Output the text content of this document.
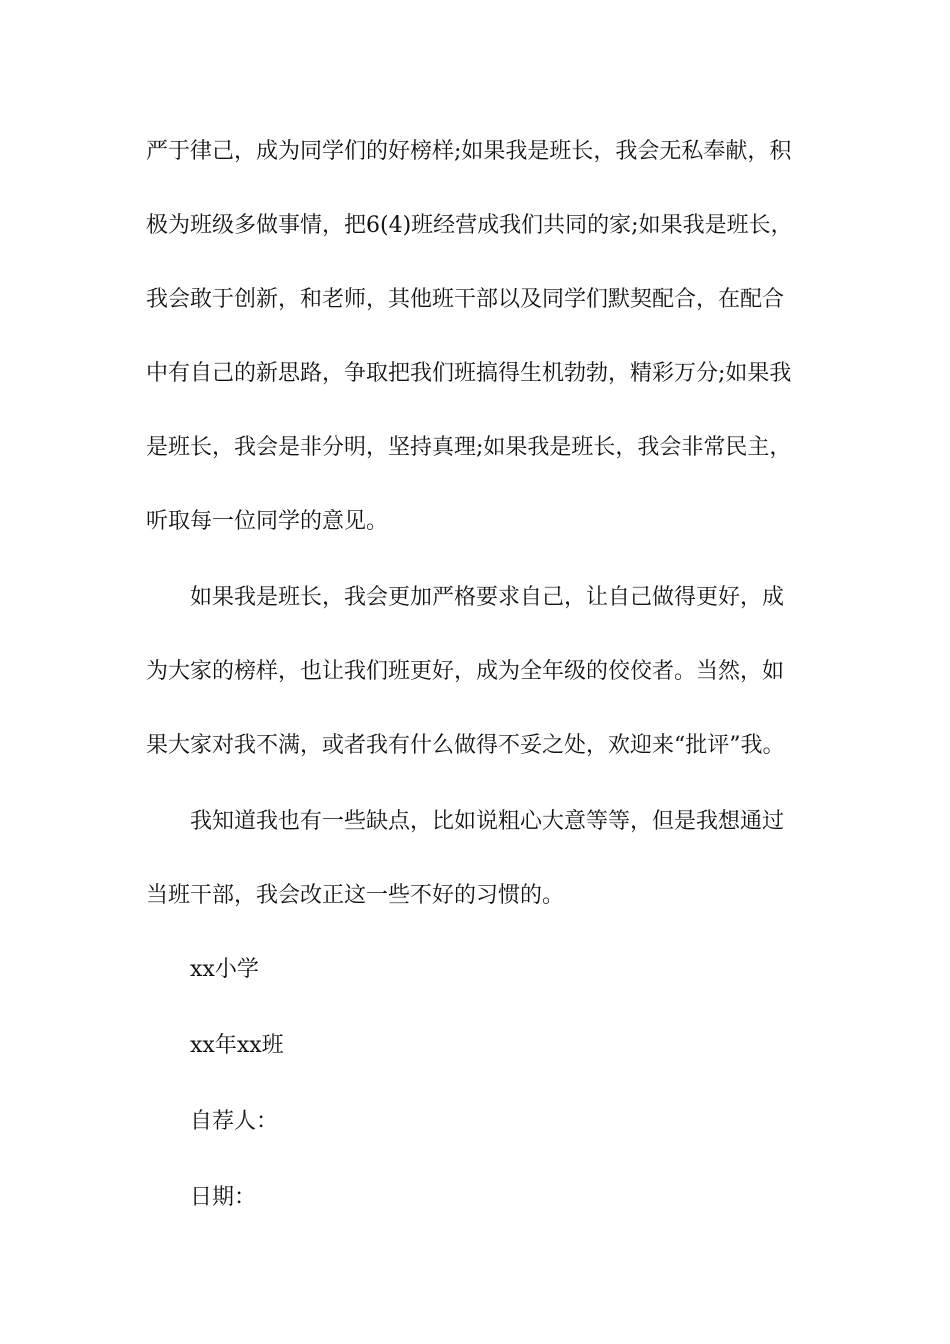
严于律己，成为同学们的好榜样;如果我是班长，我会无私奉献，积

极为班级多做事情，把6(4)班经营成我们共同的家;如果我是班长，

我会敢于创新，和老师，其他班干部以及同学们默契配合，在配合

中有自己的新思路，争取把我们班搞得生机勃勃，精彩万分;如果我

是班长，我会是非分明，坚持真理;如果我是班长，我会非常民主，

听取每一位同学的意见。

如果我是班长，我会更加严格要求自己，让自己做得更好，成

为大家的榜样，也让我们班更好，成为全年级的佼佼者。当然，如

果大家对我不满，或者我有什么做得不妥之处，欢迎来“批评”我。

我知道我也有一些缺点，比如说粗心大意等等，但是我想通过

当班干部，我会改正这一些不好的习惯的。

xx小学

xx年xx班

自荐人：

日期：
